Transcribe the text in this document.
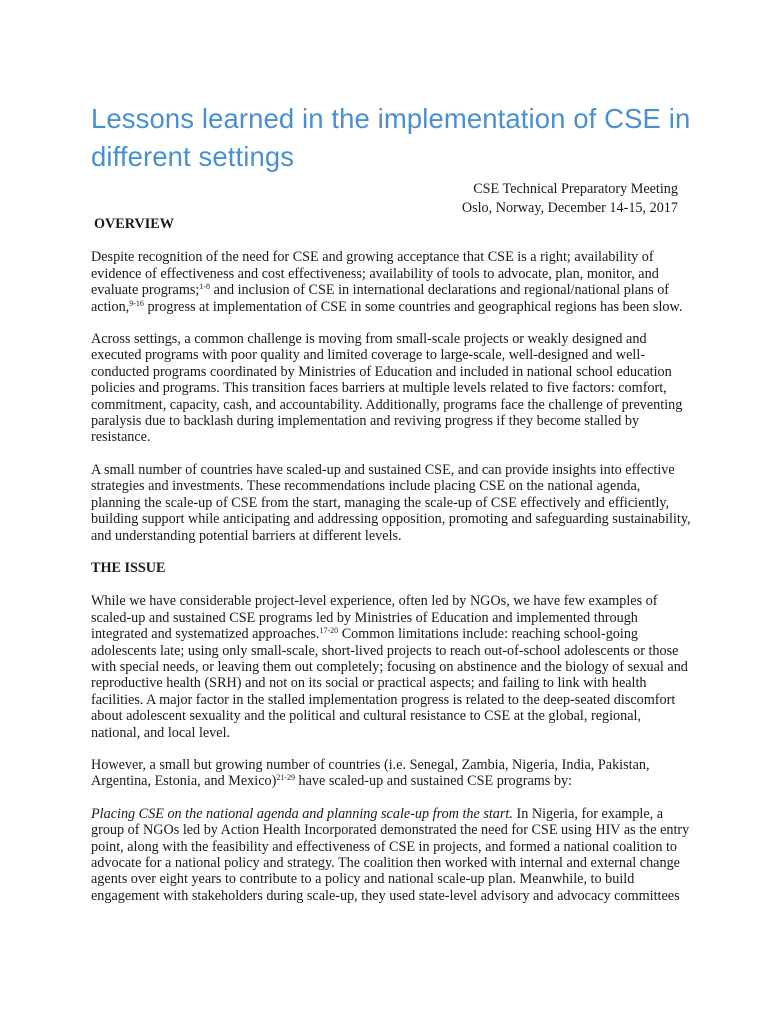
Lessons learned in the implementation of CSE in different settings
CSE Technical Preparatory Meeting
Oslo, Norway, December 14-15, 2017
OVERVIEW

Despite recognition of the need for CSE and growing acceptance that CSE is a right; availability of evidence of effectiveness and cost effectiveness; availability of tools to advocate, plan, monitor, and evaluate programs;$^{1-8}$ and inclusion of CSE in international declarations and regional/national plans of action,$^{9-16}$ progress at implementation of CSE in some countries and geographical regions has been slow.

Across settings, a common challenge is moving from small-scale projects or weakly designed and executed programs with poor quality and limited coverage to large-scale, well-designed and well-conducted programs coordinated by Ministries of Education and included in national school education policies and programs. This transition faces barriers at multiple levels related to five factors: comfort, commitment, capacity, cash, and accountability. Additionally, programs face the challenge of preventing paralysis due to backlash during implementation and reviving progress if they become stalled by resistance.

A small number of countries have scaled-up and sustained CSE, and can provide insights into effective strategies and investments. These recommendations include placing CSE on the national agenda, planning the scale-up of CSE from the start, managing the scale-up of CSE effectively and efficiently, building support while anticipating and addressing opposition, promoting and safeguarding sustainability, and understanding potential barriers at different levels.

THE ISSUE

While we have considerable project-level experience, often led by NGOs, we have few examples of scaled-up and sustained CSE programs led by Ministries of Education and implemented through integrated and systematized approaches.$^{17-20}$ Common limitations include: reaching school-going adolescents late; using only small-scale, short-lived projects to reach out-of-school adolescents or those with special needs, or leaving them out completely; focusing on abstinence and the biology of sexual and reproductive health (SRH) and not on its social or practical aspects; and failing to link with health facilities. A major factor in the stalled implementation progress is related to the deep-seated discomfort about adolescent sexuality and the political and cultural resistance to CSE at the global, regional, national, and local level.

However, a small but growing number of countries (i.e. Senegal, Zambia, Nigeria, India, Pakistan, Argentina, Estonia, and Mexico)$^{21-29}$ have scaled-up and sustained CSE programs by:

Placing CSE on the national agenda and planning scale-up from the start. In Nigeria, for example, a group of NGOs led by Action Health Incorporated demonstrated the need for CSE using HIV as the entry point, along with the feasibility and effectiveness of CSE in projects, and formed a national coalition to advocate for a national policy and strategy. The coalition then worked with internal and external change agents over eight years to contribute to a policy and national scale-up plan. Meanwhile, to build engagement with stakeholders during scale-up, they used state-level advisory and advocacy committees
